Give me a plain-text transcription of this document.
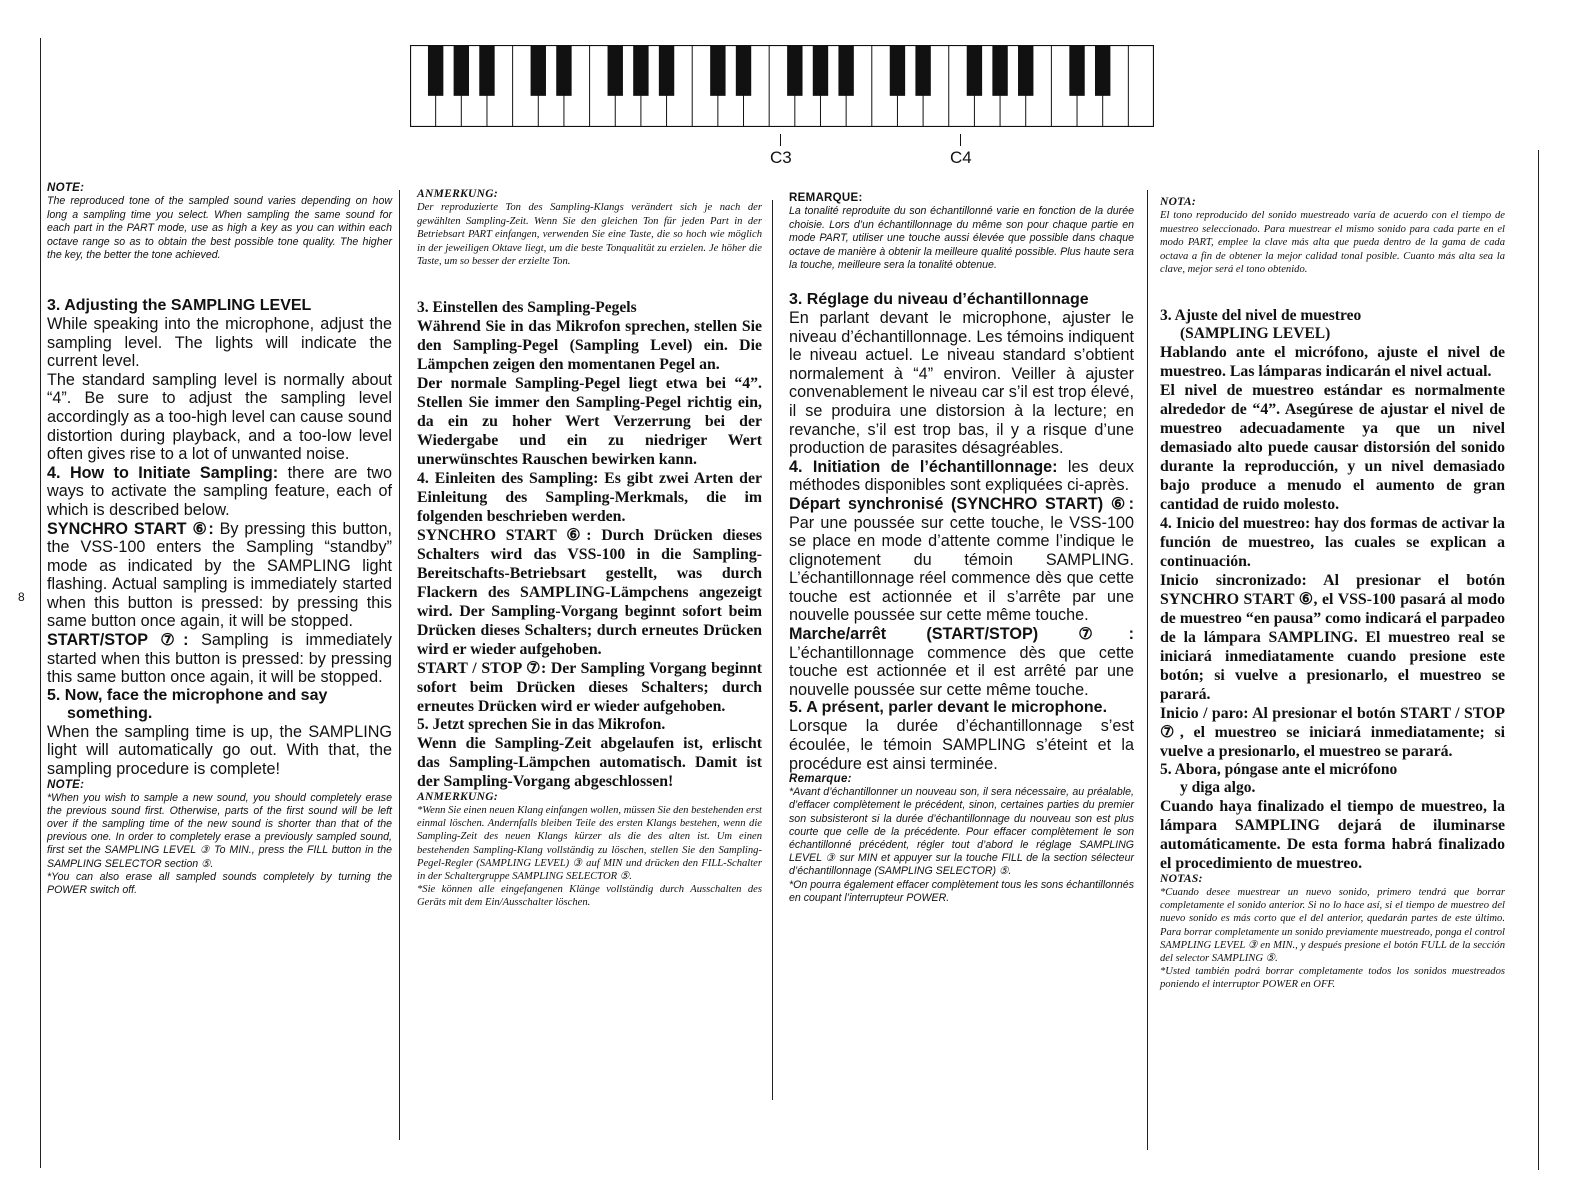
8
C3	C4

NOTE:

The reproduced tone of the sampled sound varies depending on how long a sampling time you select. When sampling the same sound for each part in the PART mode, use as high a key as you can within each octave range so as to obtain the best possible tone quality. The higher the key, the better the tone achieved.

3. Adjusting the SAMPLING LEVEL

While speaking into the microphone, adjust the sampling level. The lights will indicate the current level.

The standard sampling level is normally about “4”. Be sure to adjust the sampling level accordingly as a too-high level can cause sound distortion during playback, and a too-low level often gives rise to a lot of unwanted noise.

4. How to Initiate Sampling: there are two ways to activate the sampling feature, each of which is described below.

SYNCHRO START ⑥: By pressing this button, the VSS-100 enters the Sampling “standby” mode as indicated by the SAMPLING light flashing. Actual sampling is immediately started when this button is pressed: by pressing this same button once again, it will be stopped.

START/STOP ⑦: Sampling is immediately started when this button is pressed: by pressing this same button once again, it will be stopped.

5. Now, face the microphone and say

something.

When the sampling time is up, the SAMPLING light will automatically go out. With that, the sampling procedure is complete!

NOTE:

*When you wish to sample a new sound, you should completely erase the previous sound first. Otherwise, parts of the first sound will be left over if the sampling time of the new sound is shorter than that of the previous one. In order to completely erase a previously sampled sound, first set the SAMPLING LEVEL ③ To MIN., press the FILL button in the SAMPLING SELECTOR section ⑤.

*You can also erase all sampled sounds completely by turning the POWER switch off.

ANMERKUNG:

Der reproduzierte Ton des Sampling-Klangs verändert sich je nach der gewählten Sampling-Zeit. Wenn Sie den gleichen Ton für jeden Part in der Betriebsart PART einfangen, verwenden Sie eine Taste, die so hoch wie möglich in der jeweiligen Oktave liegt, um die beste Tonqualität zu erzielen. Je höher die Taste, um so besser der erzielte Ton.

3. Einstellen des Sampling-Pegels

Während Sie in das Mikrofon sprechen, stellen Sie den Sampling-Pegel (Sampling Level) ein. Die Lämpchen zeigen den momentanen Pegel an.

Der normale Sampling-Pegel liegt etwa bei “4”. Stellen Sie immer den Sampling-Pegel richtig ein, da ein zu hoher Wert Verzerrung bei der Wiedergabe und ein zu niedriger Wert unerwünschtes Rauschen bewirken kann.

4. Einleiten des Sampling: Es gibt zwei Arten der Einleitung des Sampling-Merkmals, die im folgenden beschrieben werden.

SYNCHRO START ⑥: Durch Drücken dieses Schalters wird das VSS-100 in die Sampling-Bereitschafts-Betriebsart gestellt, was durch Flackern des SAMPLING-Lämpchens angezeigt wird. Der Sampling-Vorgang beginnt sofort beim Drücken dieses Schalters; durch erneutes Drücken wird er wieder aufgehoben.

START / STOP ⑦: Der Sampling Vorgang beginnt sofort beim Drücken dieses Schalters; durch erneutes Drücken wird er wieder aufgehoben.

5. Jetzt sprechen Sie in das Mikrofon.

Wenn die Sampling-Zeit abgelaufen ist, erlischt das Sampling-Lämpchen automatisch. Damit ist der Sampling-Vorgang abgeschlossen!

ANMERKUNG:

*Wenn Sie einen neuen Klang einfangen wollen, müssen Sie den bestehenden erst einmal löschen. Andernfalls bleiben Teile des ersten Klangs bestehen, wenn die Sampling-Zeit des neuen Klangs kürzer als die des alten ist. Um einen bestehenden Sampling-Klang vollständig zu löschen, stellen Sie den Sampling-Pegel-Regler (SAMPLING LEVEL) ③ auf MIN und drücken den FILL-Schalter in der Schaltergruppe SAMPLING SELECTOR ⑤.

*Sie können alle eingefangenen Klänge vollständig durch Ausschalten des Geräts mit dem Ein/Ausschalter löschen.

REMARQUE:

La tonalité reproduite du son échantillonné varie en fonction de la durée choisie. Lors d’un échantillonnage du même son pour chaque partie en mode PART, utiliser une touche aussi élevée que possible dans chaque octave de manière à obtenir la meilleure qualité possible. Plus haute sera la touche, meilleure sera la tonalité obtenue.

3. Réglage du niveau d’échantillonnage

En parlant devant le microphone, ajuster le niveau d’échantillonnage. Les témoins indiquent le niveau actuel. Le niveau standard s’obtient normalement à “4” environ. Veiller à ajuster convenablement le niveau car s’il est trop élevé, il se produira une distorsion à la lecture; en revanche, s’il est trop bas, il y a risque d’une production de parasites désagréables.

4. Initiation de l’échantillonnage: les deux méthodes disponibles sont expliquées ci-après.

Départ synchronisé (SYNCHRO START) ⑥: Par une poussée sur cette touche, le VSS-100 se place en mode d’attente comme l’indique le clignotement du témoin SAMPLING. L’échantillonnage réel commence dès que cette touche est actionnée et il s’arrête par une nouvelle poussée sur cette même touche.

Marche/arrêt (START/STOP) ⑦: L’échantillonnage commence dès que cette touche est actionnée et il est arrêté par une nouvelle poussée sur cette même touche.

5. A présent, parler devant le microphone.

Lorsque la durée d’échantillonnage s’est écoulée, le témoin SAMPLING s’éteint et la procédure est ainsi terminée.

Remarque:

*Avant d’échantillonner un nouveau son, il sera nécessaire, au préalable, d’effacer complètement le précédent, sinon, certaines parties du premier son subsisteront si la durée d’échantillonnage du nouveau son est plus courte que celle de la précédente. Pour effacer complètement le son échantillonné précédent, régler tout d’abord le réglage SAMPLING LEVEL ③ sur MIN et appuyer sur la touche FILL de la section sélecteur d’échantillonnage (SAMPLING SELECTOR) ⑤.

*On pourra également effacer complètement tous les sons échantillonnés en coupant l’interrupteur POWER.

NOTA:

El tono reproducido del sonido muestreado varía de acuerdo con el tiempo de muestreo seleccionado. Para muestrear el mismo sonido para cada parte en el modo PART, emplee la clave más alta que pueda dentro de la gama de cada octava a fin de obtener la mejor calidad tonal posible. Cuanto más alta sea la clave, mejor será el tono obtenido.

3. Ajuste del nivel de muestreo

(SAMPLING LEVEL)

Hablando ante el micrófono, ajuste el nivel de muestreo. Las lámparas indicarán el nivel actual.

El nivel de muestreo estándar es normalmente alrededor de “4”. Asegúrese de ajustar el nivel de muestreo adecuadamente ya que un nivel demasiado alto puede causar distorsión del sonido durante la reproducción, y un nivel demasiado bajo produce a menudo el aumento de gran cantidad de ruido molesto.

4. Inicio del muestreo: hay dos formas de activar la función de muestreo, las cuales se explican a continuación.

Inicio sincronizado: Al presionar el botón SYNCHRO START ⑥, el VSS-100 pasará al modo de muestreo “en pausa” como indicará el parpadeo de la lámpara SAMPLING. El muestreo real se iniciará inmediatamente cuando presione este botón; si vuelve a presionarlo, el muestreo se parará.

Inicio / paro: Al presionar el botón START / STOP ⑦, el muestreo se iniciará inmediatamente; si vuelve a presionarlo, el muestreo se parará.

5. Abora, póngase ante el micrófono

y diga algo.

Cuando haya finalizado el tiempo de muestreo, la lámpara SAMPLING dejará de iluminarse automáticamente. De esta forma habrá finalizado el procedimiento de muestreo.

NOTAS:

*Cuando desee muestrear un nuevo sonido, primero tendrá que borrar completamente el sonido anterior. Si no lo hace así, si el tiempo de muestreo del nuevo sonido es más corto que el del anterior, quedarán partes de este último. Para borrar completamente un sonido previamente muestreado, ponga el control SAMPLING LEVEL ③ en MIN., y después presione el botón FULL de la sección del selector SAMPLING ⑤.

*Usted también podrá borrar completamente todos los sonidos muestreados poniendo el interruptor POWER en OFF.
